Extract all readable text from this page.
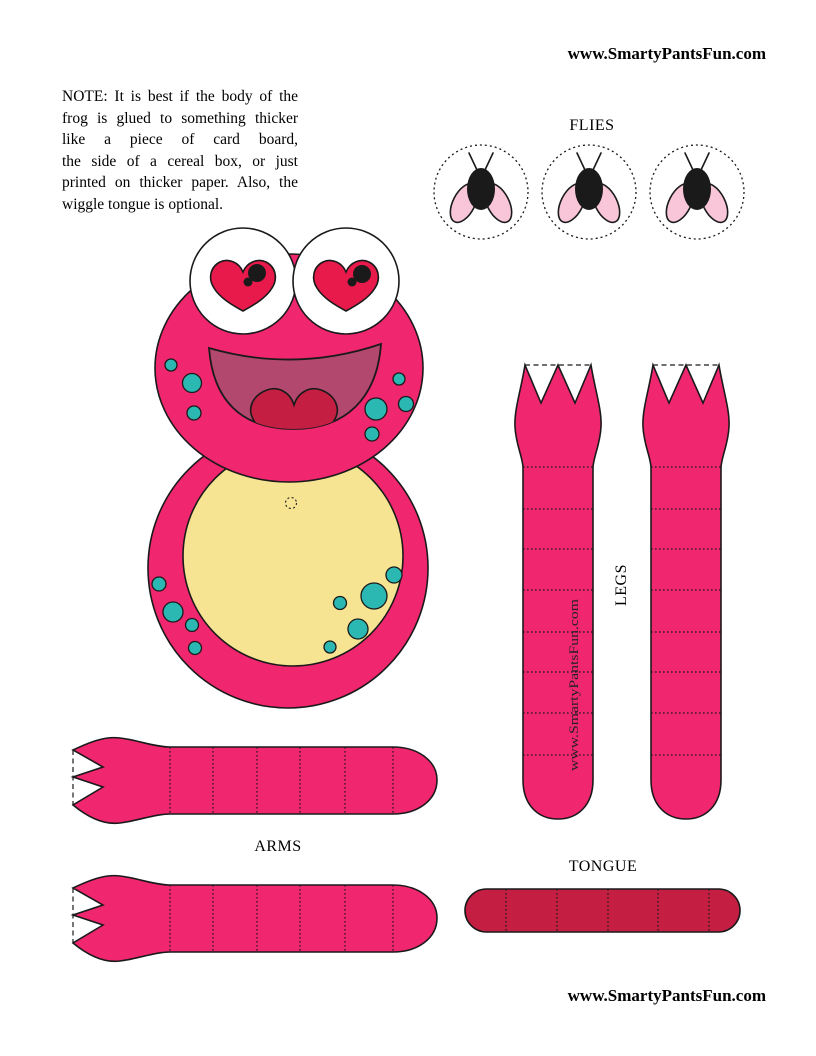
www.SmartyPantsFun.com
NOTE: It is best if the body of the
frog is glued to something thicker
like a piece of card board,
the side of a cereal box, or just
printed on thicker paper. Also, the
wiggle tongue is optional.
FLIES
www.SmartyPantsFun.com
LEGS
ARMS
TONGUE
www.SmartyPantsFun.com
